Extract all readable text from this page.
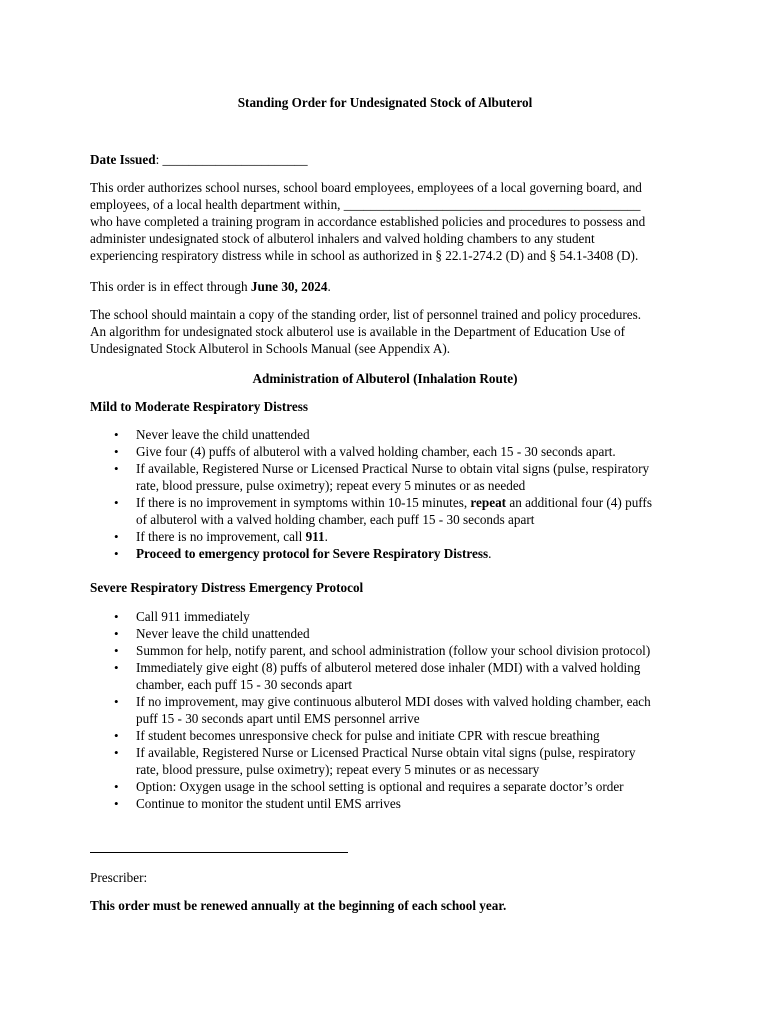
Standing Order for Undesignated Stock of Albuterol

Date Issued: ______________________

This order authorizes school nurses, school board employees, employees of a local governing board, and
employees, of a local health department within, _____________________________________________
who have completed a training program in accordance established policies and procedures to possess and
administer undesignated stock of albuterol inhalers and valved holding chambers to any student
experiencing respiratory distress while in school as authorized in § 22.1-274.2 (D) and § 54.1-3408 (D).

This order is in effect through June 30, 2024.

The school should maintain a copy of the standing order, list of personnel trained and policy procedures.
An algorithm for undesignated stock albuterol use is available in the Department of Education Use of
Undesignated Stock Albuterol in Schools Manual (see Appendix A).
Administration of Albuterol (Inhalation Route)
Mild to Moderate Respiratory Distress
• Never leave the child unattended
• Give four (4) puffs of albuterol with a valved holding chamber, each 15 - 30 seconds apart.
• If available, Registered Nurse or Licensed Practical Nurse to obtain vital signs (pulse, respiratory
rate, blood pressure, pulse oximetry); repeat every 5 minutes or as needed
• If there is no improvement in symptoms within 10-15 minutes, repeat an additional four (4) puffs
of albuterol with a valved holding chamber, each puff 15 - 30 seconds apart
• If there is no improvement, call 911.
• Proceed to emergency protocol for Severe Respiratory Distress.
Severe Respiratory Distress Emergency Protocol
• Call 911 immediately
• Never leave the child unattended
• Summon for help, notify parent, and school administration (follow your school division protocol)
• Immediately give eight (8) puffs of albuterol metered dose inhaler (MDI) with a valved holding
chamber, each puff 15 - 30 seconds apart
• If no improvement, may give continuous albuterol MDI doses with valved holding chamber, each
puff 15 - 30 seconds apart until EMS personnel arrive
• If student becomes unresponsive check for pulse and initiate CPR with rescue breathing
• If available, Registered Nurse or Licensed Practical Nurse obtain vital signs (pulse, respiratory
rate, blood pressure, pulse oximetry); repeat every 5 minutes or as necessary
• Option: Oxygen usage in the school setting is optional and requires a separate doctor’s order
• Continue to monitor the student until EMS arrives

Prescriber:

This order must be renewed annually at the beginning of each school year.
